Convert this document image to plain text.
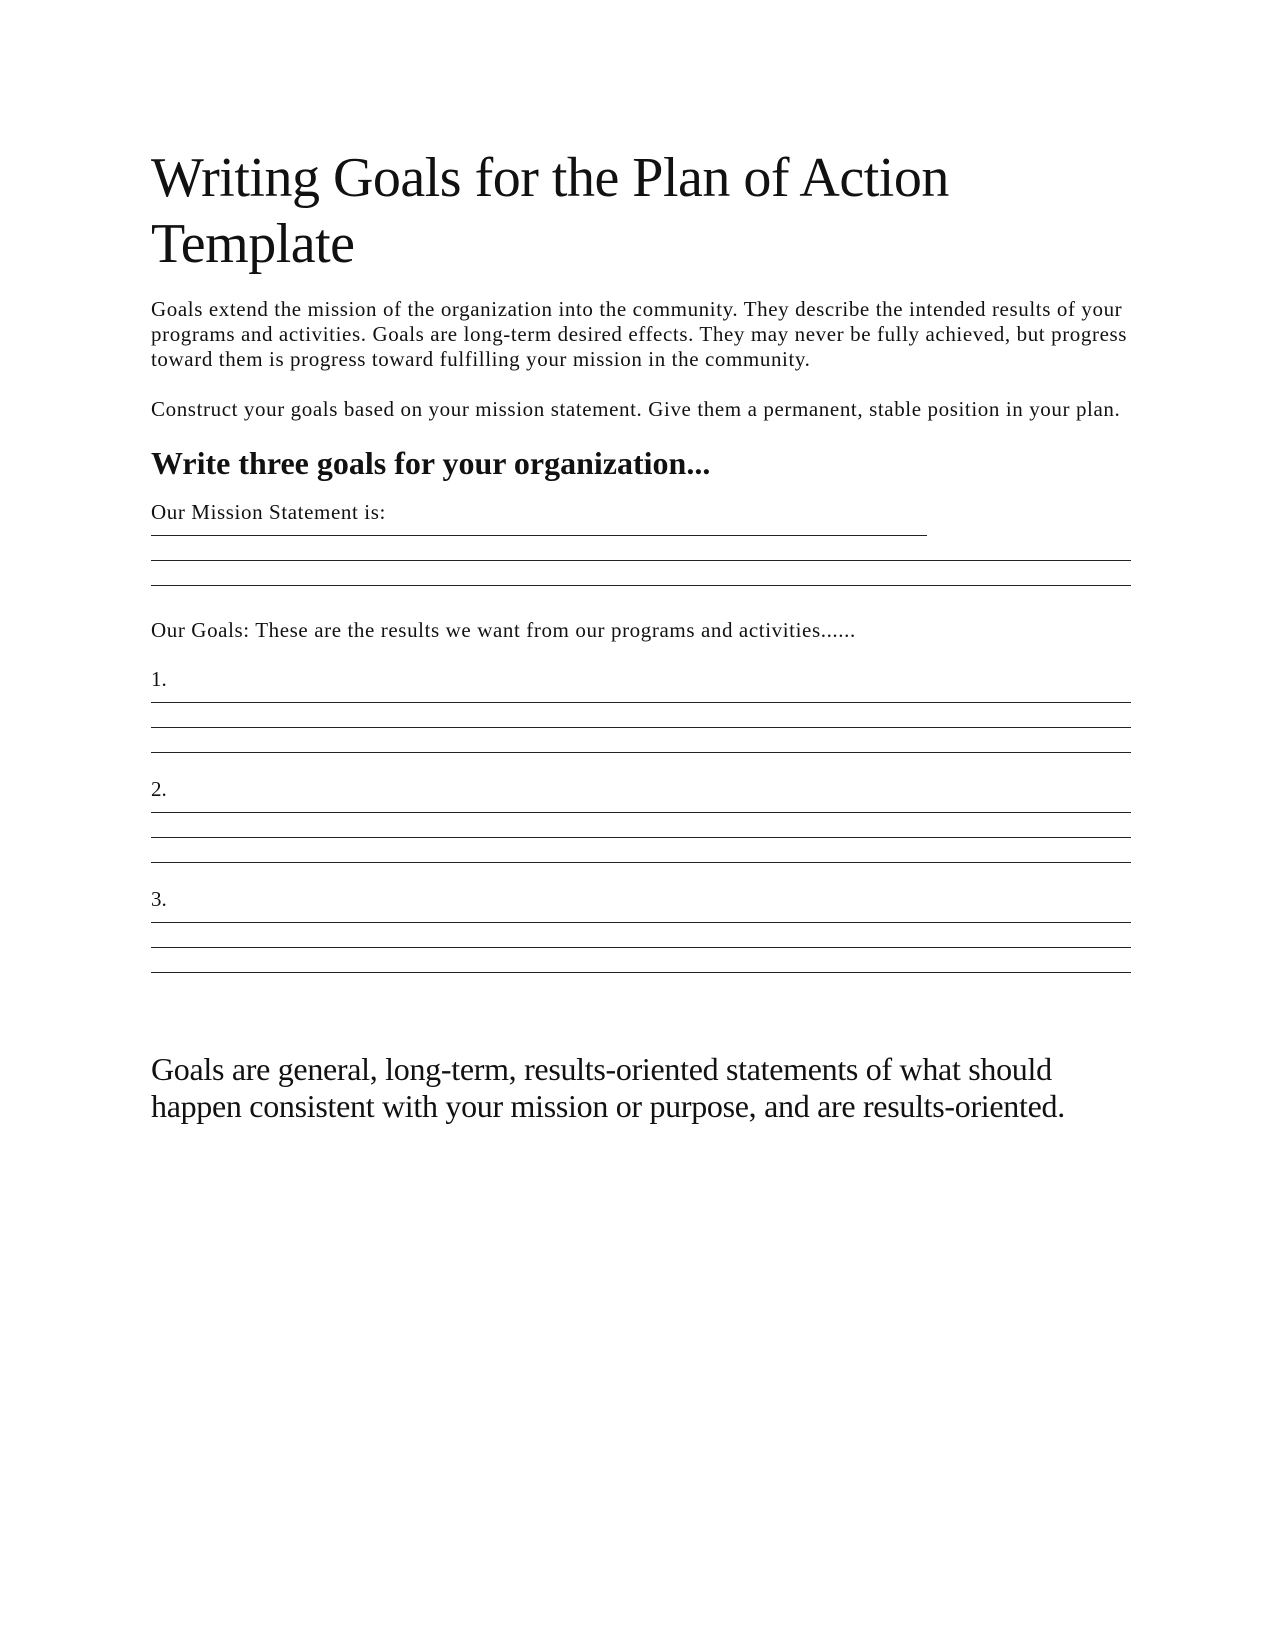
Writing Goals for the Plan of Action Template

Goals extend the mission of the organization into the community. They describe the intended results of your programs and activities. Goals are long-term desired effects. They may never be fully achieved, but progress toward them is progress toward fulfilling your mission in the community.

Construct your goals based on your mission statement. Give them a permanent, stable position in your plan.

Write three goals for your organization...

Our Mission Statement is:

Our Goals: These are the results we want from our programs and activities......

1.

2.

3.

Goals are general, long-term, results-oriented statements of what should happen consistent with your mission or purpose, and are results-oriented.
